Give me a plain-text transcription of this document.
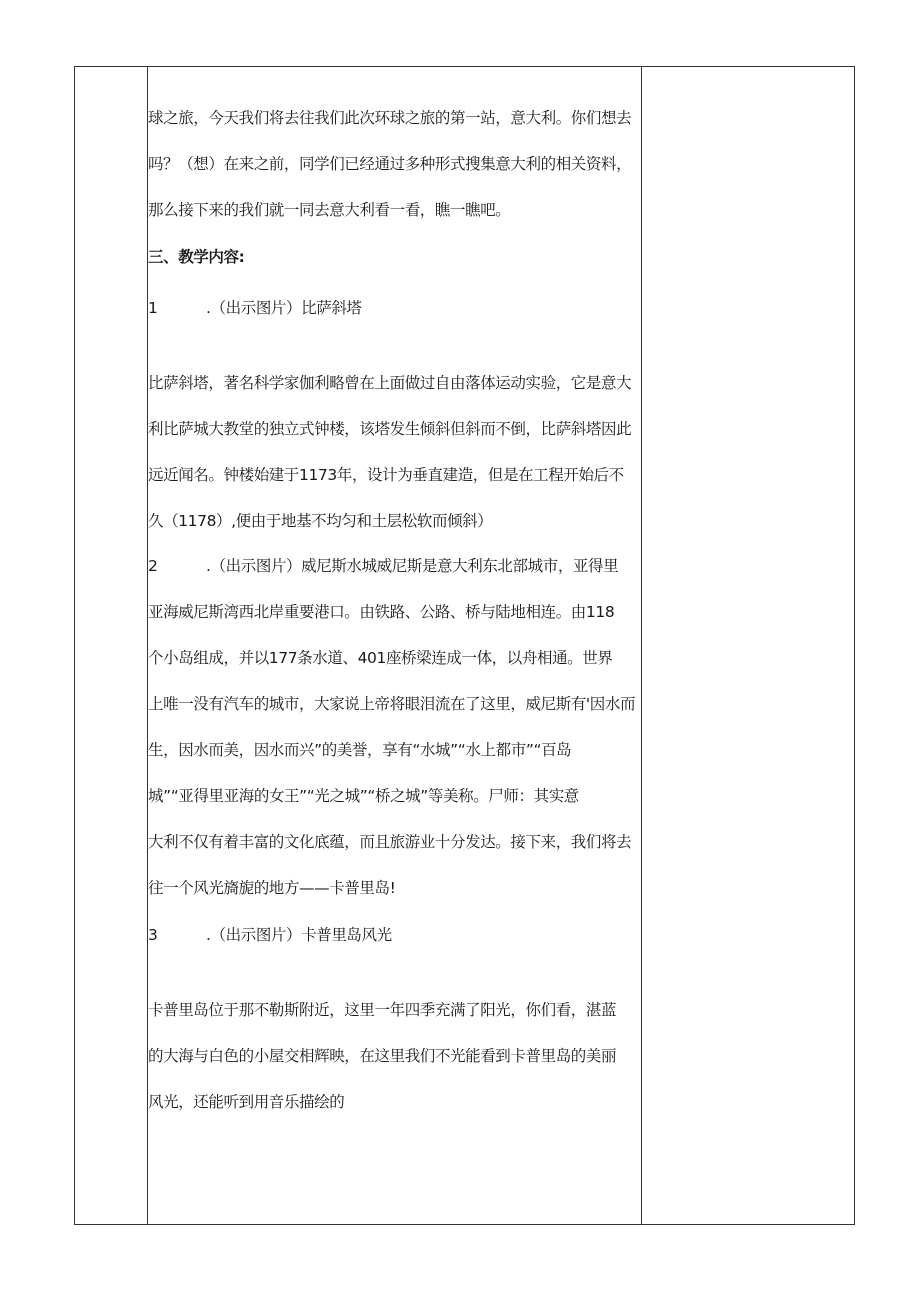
球之旅，今天我们将去往我们此次环球之旅的第一站，意大利。你们想去
吗？（想）在来之前，同学们已经通过多种形式搜集意大利的相关资料，
那么接下来的我们就一同去意大利看一看，瞧一瞧吧。
三、教学内容:
1	.（出示图片）比萨斜塔
比萨斜塔，著名科学家伽利略曾在上面做过自由落体运动实验，它是意大
利比萨城大教堂的独立式钟楼，该塔发生倾斜但斜而不倒，比萨斜塔因此
远近闻名。钟楼始建于1173年，设计为垂直建造，但是在工程开始后不
久（1178）,便由于地基不均匀和土层松软而倾斜）
2	.（出示图片）威尼斯水城威尼斯是意大利东北部城市，亚得里
亚海威尼斯湾西北岸重要港口。由铁路、公路、桥与陆地相连。由118
个小岛组成，并以177条水道、401座桥梁连成一体，以舟相通。世界
上唯一没有汽车的城市，大家说上帝将眼泪流在了这里，威尼斯有'因水而
生，因水而美，因水而兴”的美誉，享有“水城”“水上都市”“百岛
城”“亚得里亚海的女王”“光之城”“桥之城”等美称。尸师：其实意
大利不仅有着丰富的文化底蕴，而且旅游业十分发达。接下来，我们将去
往一个风光旖旎的地方——卡普里岛!
3	.（出示图片）卡普里岛风光
卡普里岛位于那不勒斯附近，这里一年四季充满了阳光，你们看，湛蓝
的大海与白色的小屋交相辉映，在这里我们不光能看到卡普里岛的美丽
风光，还能听到用音乐描绘的
